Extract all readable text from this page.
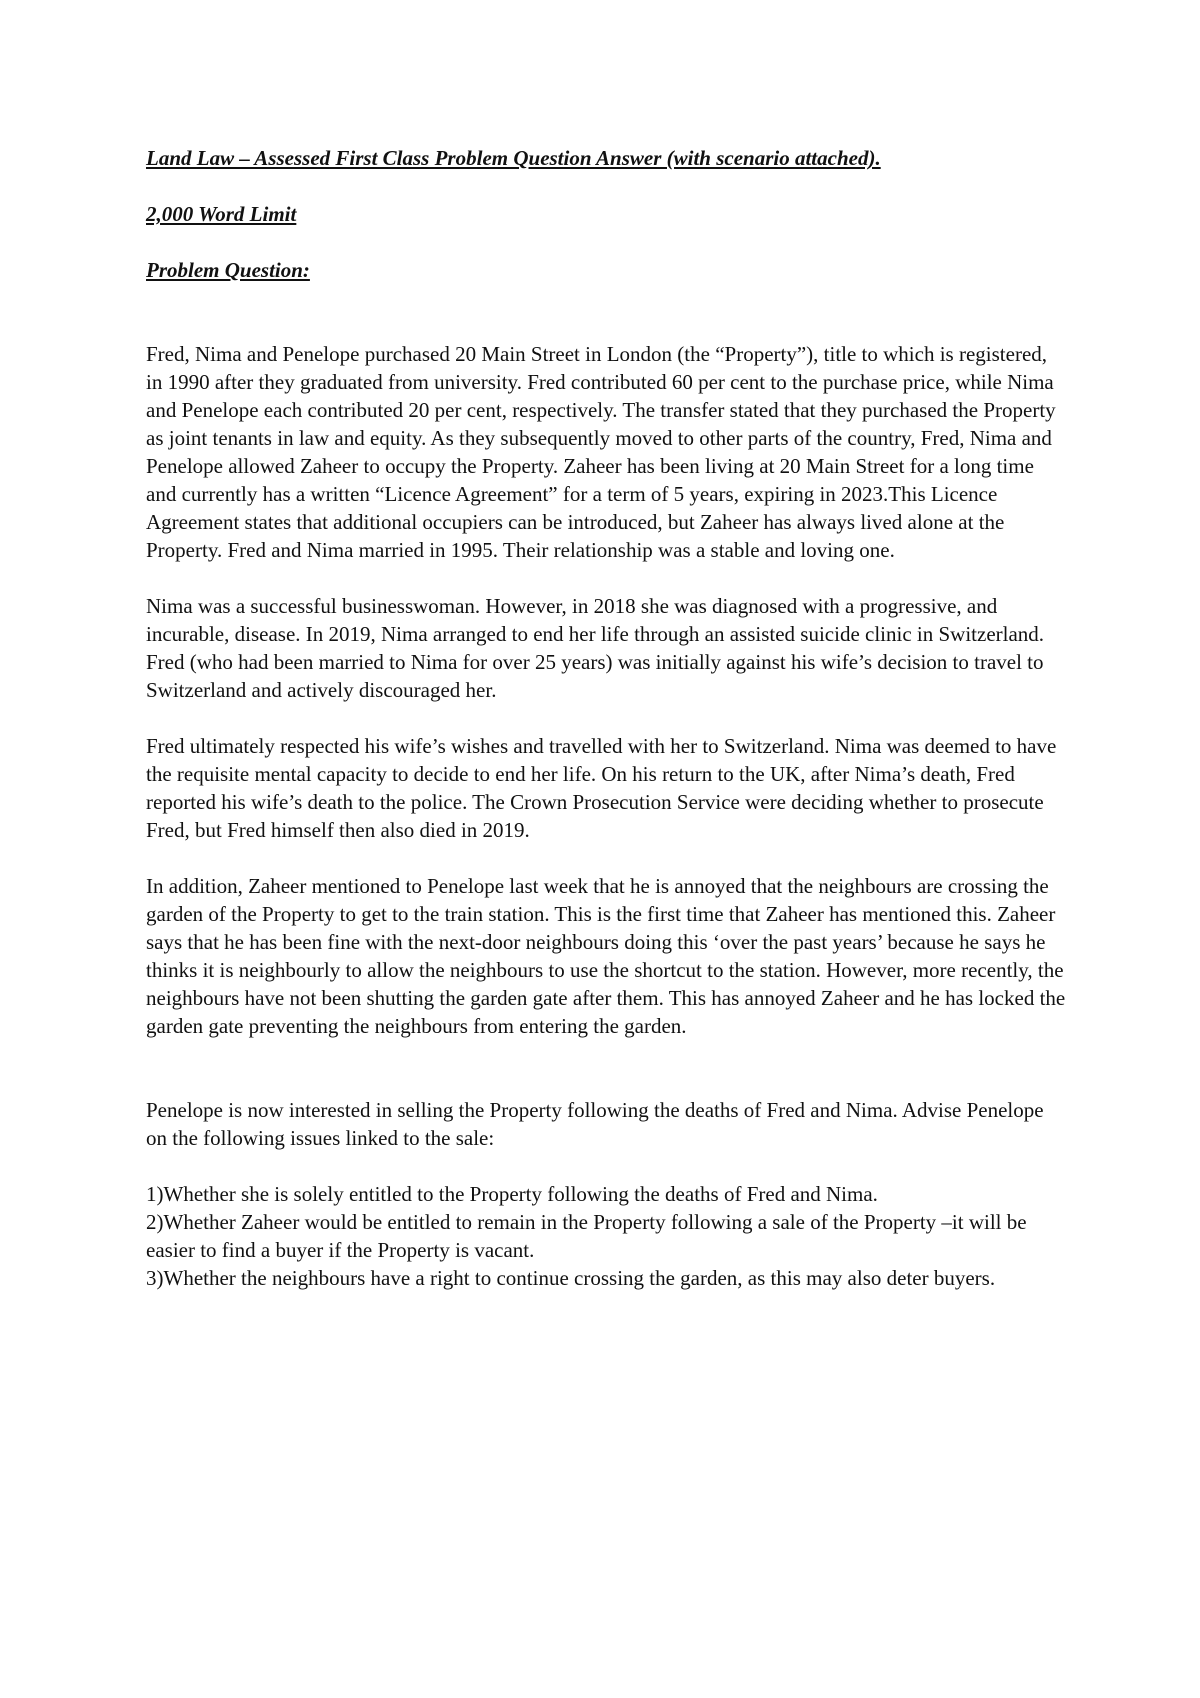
Land Law – Assessed First Class Problem Question Answer (with scenario attached).
2,000 Word Limit
Problem Question:

Fred, Nima and Penelope purchased 20 Main Street in London (the “Property”), title to which is registered, in 1990 after they graduated from university. Fred contributed 60 per cent to the purchase price, while Nima and Penelope each contributed 20 per cent, respectively. The transfer stated that they purchased the Property as joint tenants in law and equity. As they subsequently moved to other parts of the country, Fred, Nima and Penelope allowed Zaheer to occupy the Property. Zaheer has been living at 20 Main Street for a long time and currently has a written “Licence Agreement” for a term of 5 years, expiring in 2023.This Licence Agreement states that additional occupiers can be introduced, but Zaheer has always lived alone at the Property. Fred and Nima married in 1995. Their relationship was a stable and loving one.

Nima was a successful businesswoman. However, in 2018 she was diagnosed with a progressive, and incurable, disease. In 2019, Nima arranged to end her life through an assisted suicide clinic in Switzerland. Fred (who had been married to Nima for over 25 years) was initially against his wife’s decision to travel to Switzerland and actively discouraged her.

Fred ultimately respected his wife’s wishes and travelled with her to Switzerland. Nima was deemed to have the requisite mental capacity to decide to end her life. On his return to the UK, after Nima’s death, Fred reported his wife’s death to the police. The Crown Prosecution Service were deciding whether to prosecute Fred, but Fred himself then also died in 2019.

In addition, Zaheer mentioned to Penelope last week that he is annoyed that the neighbours are crossing the garden of the Property to get to the train station. This is the first time that Zaheer has mentioned this. Zaheer says that he has been fine with the next-door neighbours doing this ‘over the past years’ because he says he thinks it is neighbourly to allow the neighbours to use the shortcut to the station. However, more recently, the neighbours have not been shutting the garden gate after them. This has annoyed Zaheer and he has locked the garden gate preventing the neighbours from entering the garden.

Penelope is now interested in selling the Property following the deaths of Fred and Nima. Advise Penelope on the following issues linked to the sale:

1)Whether she is solely entitled to the Property following the deaths of Fred and Nima.
2)Whether Zaheer would be entitled to remain in the Property following a sale of the Property –it will be easier to find a buyer if the Property is vacant.
3)Whether the neighbours have a right to continue crossing the garden, as this may also deter buyers.
